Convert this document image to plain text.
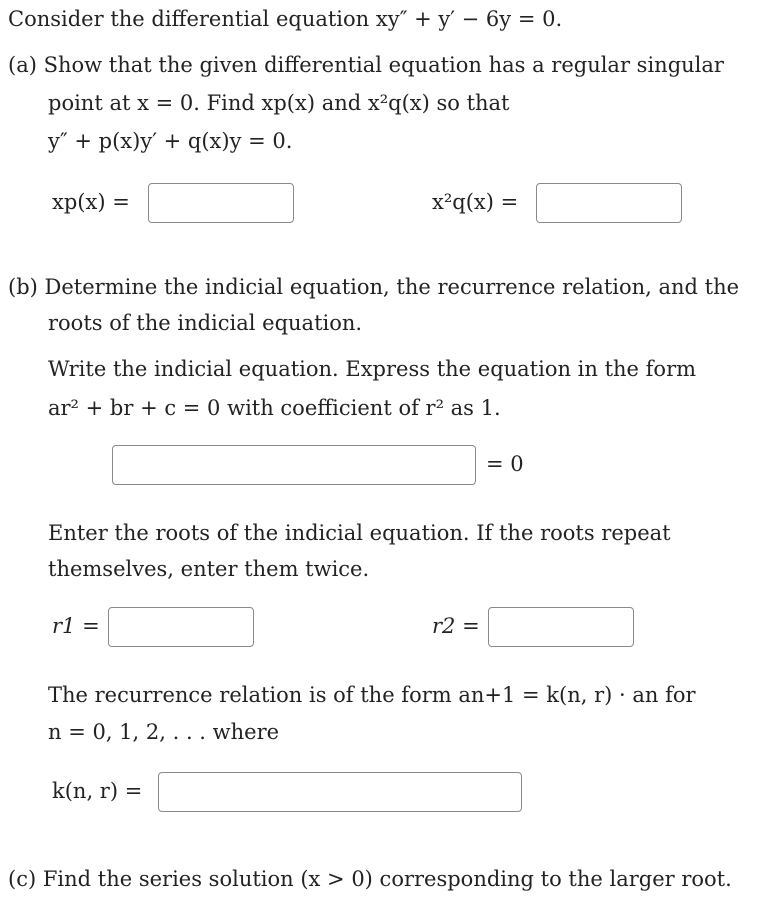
Consider the differential equation xy″ + y′ − 6y = 0.
(a) Show that the given differential equation has a regular singular
point at x = 0. Find xp(x) and x²q(x) so that
y″ + p(x)y′ + q(x)y = 0.
xp(x) =	x²q(x) =
(b) Determine the indicial equation, the recurrence relation, and the
roots of the indicial equation.
Write the indicial equation. Express the equation in the form
ar² + br + c = 0 with coefficient of r² as 1.
= 0
Enter the roots of the indicial equation. If the roots repeat
themselves, enter them twice.
r1 =	r2 =
The recurrence relation is of the form an+1 = k(n, r) · an for
n = 0, 1, 2, . . . where
k(n, r) =
(c) Find the series solution (x > 0) corresponding to the larger root.
